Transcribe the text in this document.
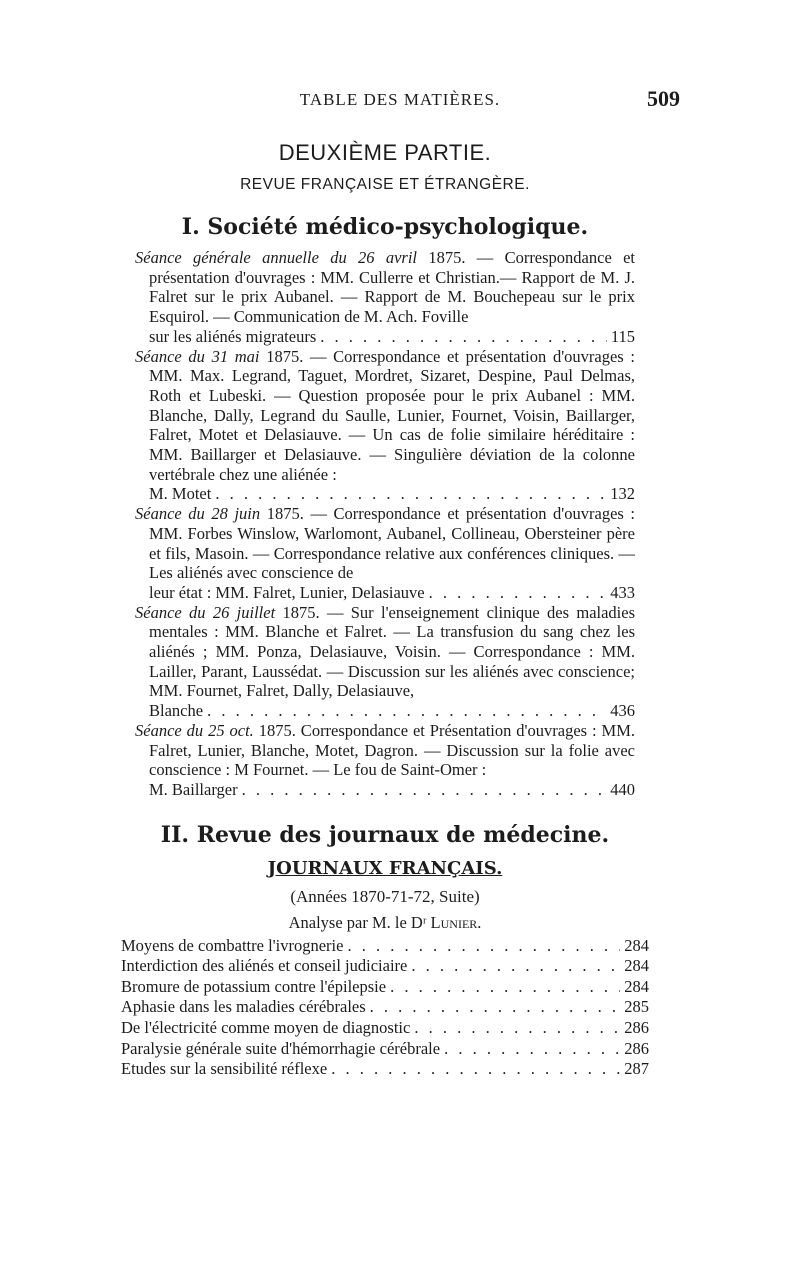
TABLE DES MATIÈRES.	509

DEUXIÈME PARTIE.

REVUE FRANÇAISE ET ÉTRANGÈRE.

I. Société médico-psychologique.

Séance générale annuelle du 26 avril 1875. — Correspondance et présentation d'ouvrages : MM. Cullerre et Christian.— Rapport de M. J. Falret sur le prix Aubanel. — Rapport de M. Boucheреau sur le prix Esquirol. — Communication de M. Ach. Foville

sur les aliénés migrateurs . . .	115

Séance du 31 mai 1875. — Correspondance et présentation d'ouvrages : MM. Max. Legrand, Taguet, Mordret, Sizaret, Despine, Paul Delmas, Roth et Lubeski. — Question proposée pour le prix Aubanel : MM. Blanche, Dally, Legrand du Saulle, Lunier, Fournet, Voisin, Baillarger, Falret, Motet et Delasiauve. — Un cas de folie similaire héréditaire : MM. Baillarger et Delasiauve. — Singulière déviation de la colonne vertébrale chez une aliénée :

M. Motet . . .	132

Séance du 28 juin 1875. — Correspondance et présentation d'ouvrages : MM. Forbes Winslow, Warlomont, Aubanel, Collineau, Obersteiner père et fils, Masoin. — Correspondance relative aux conférences cliniques. — Les aliénés avec conscience de

leur état : MM. Falret, Lunier, Delasiauve . . .	433

Séance du 26 juillet 1875. — Sur l'enseignement clinique des maladies mentales : MM. Blanche et Falret. — La transfusion du sang chez les aliénés ; MM. Ponza, Delasiauve, Voisin. — Correspondance : MM. Lailler, Parant, Laussédat. — Discussion sur les aliénés avec conscience; MM. Fournet, Falret, Dally, Delasiauve,

Blanche . . .	436

Séance du 25 oct. 1875. Correspondance et Présentation d'ouvrages : MM. Falret, Lunier, Blanche, Motet, Dagron. — Discussion sur la folie avec conscience : M Fournet. — Le fou de Saint-Omer :

M. Baillarger . . .	440
II. Revue des journaux de médecine.
JOURNAUX FRANÇAIS.

(Années 1870-71-72, Suite)

Analyse par M. le Dʳ Lunier.

Moyens de combattre l'ivrognerie . . .	284
Interdiction des aliénés et conseil judiciaire . . .	284
Bromure de potassium contre l'épilepsie . . .	284
Aphasie dans les maladies cérébrales . . .	285
De l'électricité comme moyen de diagnostic . . .	286
Paralysie générale suite d'hémorrhagie cérébrale . . .	286
Etudes sur la sensibilité réflexe . . .	287
